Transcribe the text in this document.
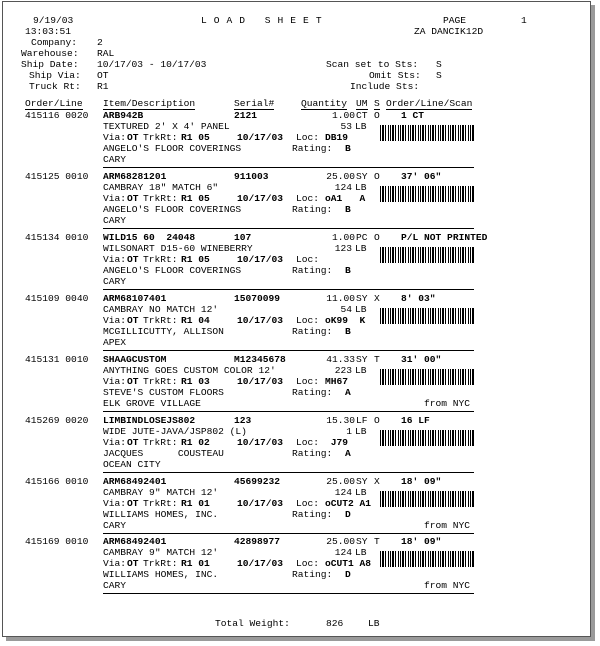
9/19/03
13:03:51
LOAD SHEET	PAGE	1
ZA DANCIK12D
Company: 2
Warehouse: RAL
Ship Date: 10/17/03 - 10/17/03
Ship Via: OT
Truck Rt: R1
Scan set to Sts: S
Omit Sts: S
Include Sts:
Order/Line Item/Description	Serial#	Quantity UM S Order/Line/Scan
415116 0020 ARB942B	2121	1.00 CT O 1 CT
TEXTURED 2' X 4' PANEL	53 LB
Via: OT TrkRt: R1 05	10/17/03 Loc: DB19
ANGELO'S FLOOR COVERINGS	Rating: B
CARY
415125 0010 ARM68281201	911003	25.00 SY O 37' 06"
CAMBRAY 18" MATCH 6"	124 LB
Via: OT TrkRt: R1 05	10/17/03 Loc: oA1   A
ANGELO'S FLOOR COVERINGS	Rating: B
CARY
415134 0010 WILD15 60  24048	107	1.00 PC O P/L NOT PRINTED
WILSONART D15-60 WINEBERRY	123 LB
Via: OT TrkRt: R1 05	10/17/03 Loc:
ANGELO'S FLOOR COVERINGS	Rating: B
CARY
415109 0040 ARM68107401	15070099	11.00 SY X 8' 03"
CAMBRAY NO MATCH 12'	54 LB
Via: OT TrkRt: R1 04	10/17/03 Loc: oK99  K
MCGILLICUTTY, ALLISON	Rating: B
APEX
415131 0010 SHAAGCUSTOM	M12345678	41.33 SY T 31' 00"
ANYTHING GOES CUSTOM COLOR 12'	223 LB
Via: OT TrkRt: R1 03	10/17/03 Loc: MH67
STEVE'S CUSTOM FLOORS	Rating: A
ELK GROVE VILLAGE	from NYC
415269 0020 LIMBINDLOSEJS802	123	15.30 LF O 16 LF
WIDE JUTE-JAVA/JSP802 (L)	1 LB
Via: OT TrkRt: R1 02	10/17/03 Loc: J79
JACQUES      COUSTEAU	Rating: A
OCEAN CITY
415166 0010 ARM68492401	45699232	25.00 SY X 18' 09"
CAMBRAY 9" MATCH 12'	124 LB
Via: OT TrkRt: R1 01	10/17/03 Loc: oCUT2 A1
WILLIAMS HOMES, INC.	Rating: D
CARY	from NYC
415169 0010 ARM68492401	42898977	25.00 SY T 18' 09"
CAMBRAY 9" MATCH 12'	124 LB
Via: OT TrkRt: R1 01	10/17/03 Loc: oCUT1 A8
WILLIAMS HOMES, INC.	Rating: D
CARY	from NYC
Total Weight:	826	LB
